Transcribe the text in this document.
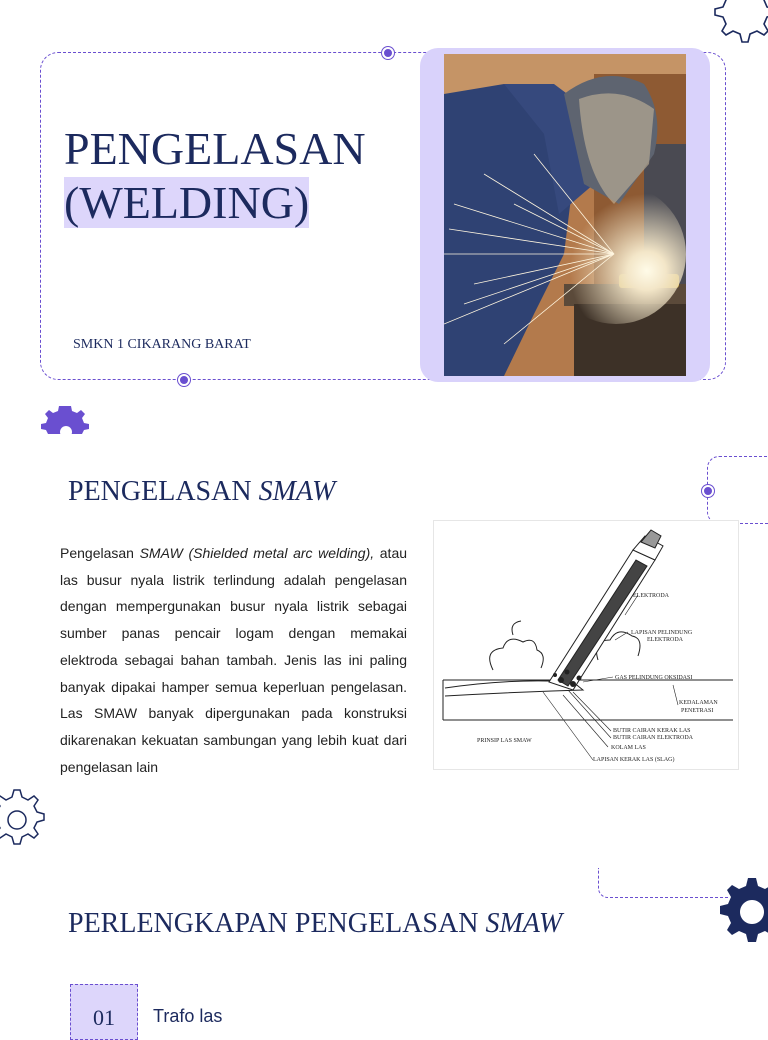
PENGELASAN
(WELDING)
SMKN 1 CIKARANG BARAT
PENGELASAN SMAW

Pengelasan SMAW (Shielded metal arc welding), atau las busur nyala listrik terlindung adalah pengelasan dengan mempergunakan busur nyala listrik sebagai sumber panas pencair logam dengan memakai elektroda sebagai bahan tambah. Jenis las ini paling banyak dipakai hamper semua keperluan pengelasan. Las SMAW banyak dipergunakan pada konstruksi dikarenakan kekuatan sambungan yang lebih kuat dari pengelasan lain

ELEKTRODA
LAPISAN PELINDUNG
ELEKTRODA
GAS PELINDUNG OKSIDASI
KEDALAMAN
PENETRASI
BUTIR CAIRAN KERAK LAS
BUTIR CAIRAN ELEKTRODA
KOLAM LAS
LAPISAN KERAK LAS (SLAG)
PRINSIP LAS SMAW
PERLENGKAPAN PENGELASAN SMAW
01	Trafo las
